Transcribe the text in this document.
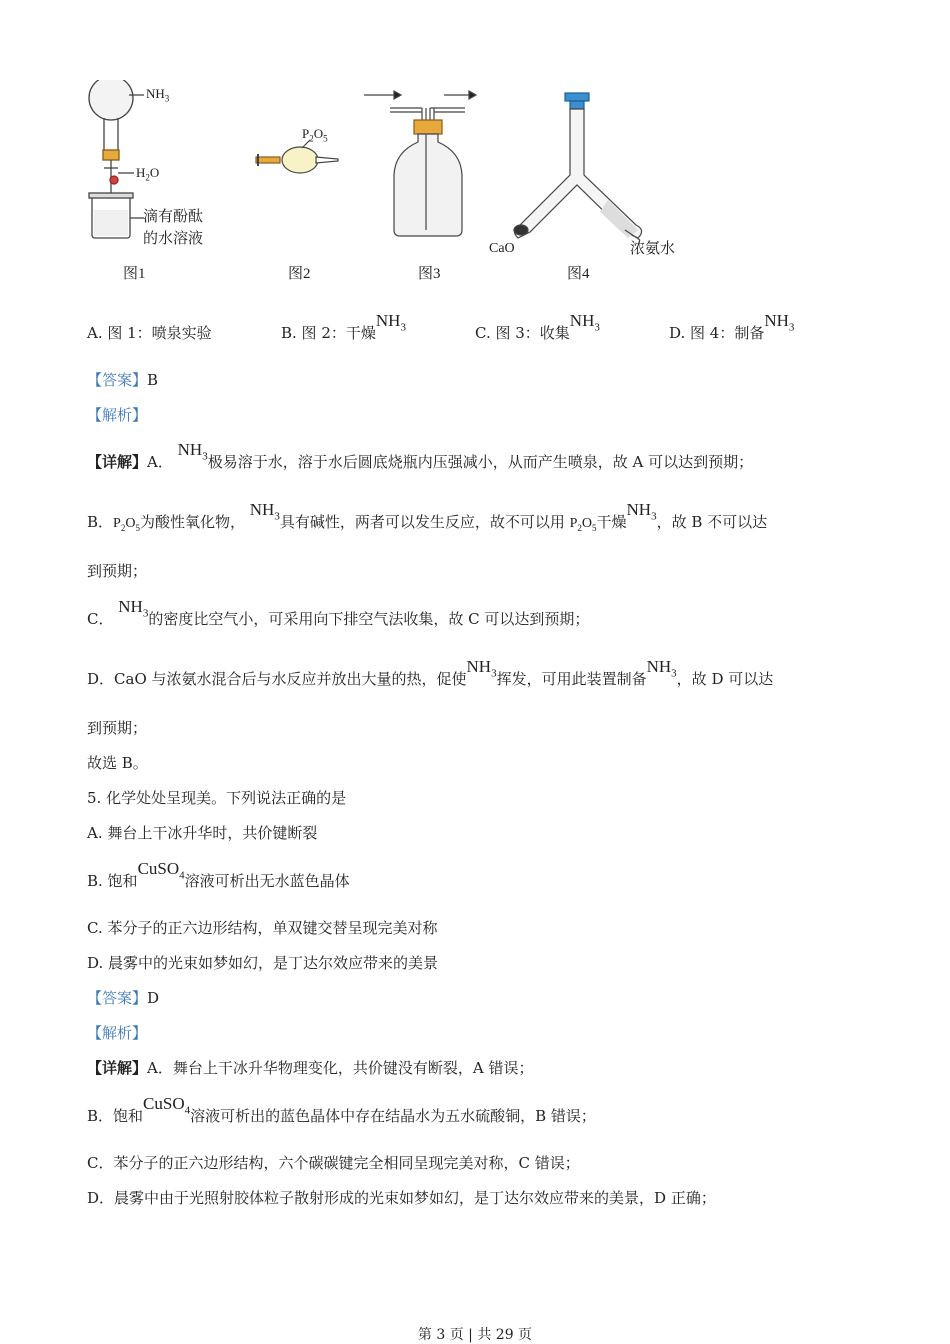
$NH_3$
$H_2O$
滴有酚酞
的水溶液
$P_2O_5$
CaO	浓氨水
图1	图2	图3	图4
A. 图 1：喷泉实验	B. 图 2：干燥$NH_3$	C. 图 3：收集$NH_3$	D. 图 4：制备$NH_3$
【答案】B
【解析】
【详解】A． $NH_3$极易溶于水，溶于水后圆底烧瓶内压强减小，从而产生喷泉，故 A 可以达到预期；
B．$P_2O_5$为酸性氧化物， $NH_3$具有碱性，两者可以发生反应，故不可以用 $P_2O_5$干燥$NH_3$，故 B 不可以达
到预期；
C． $NH_3$的密度比空气小，可采用向下排空气法收集，故 C 可以达到预期；
D．CaO 与浓氨水混合后与水反应并放出大量的热，促使$NH_3$挥发，可用此装置制备$NH_3$，故 D 可以达
到预期；
故选 B。
5. 化学处处呈现美。下列说法正确的是
A. 舞台上干冰升华时，共价键断裂
B. 饱和CuSO$_4$溶液可析出无水蓝色晶体
C. 苯分子的正六边形结构，单双键交替呈现完美对称
D. 晨雾中的光束如梦如幻，是丁达尔效应带来的美景
【答案】D
【解析】
【详解】A．舞台上干冰升华物理变化，共价键没有断裂，A 错误；
B．饱和CuSO$_4$溶液可析出的蓝色晶体中存在结晶水为五水硫酸铜，B 错误；
C．苯分子的正六边形结构，六个碳碳键完全相同呈现完美对称，C 错误；
D．晨雾中由于光照射胶体粒子散射形成的光束如梦如幻，是丁达尔效应带来的美景，D 正确；
第 3 页 | 共 29 页
